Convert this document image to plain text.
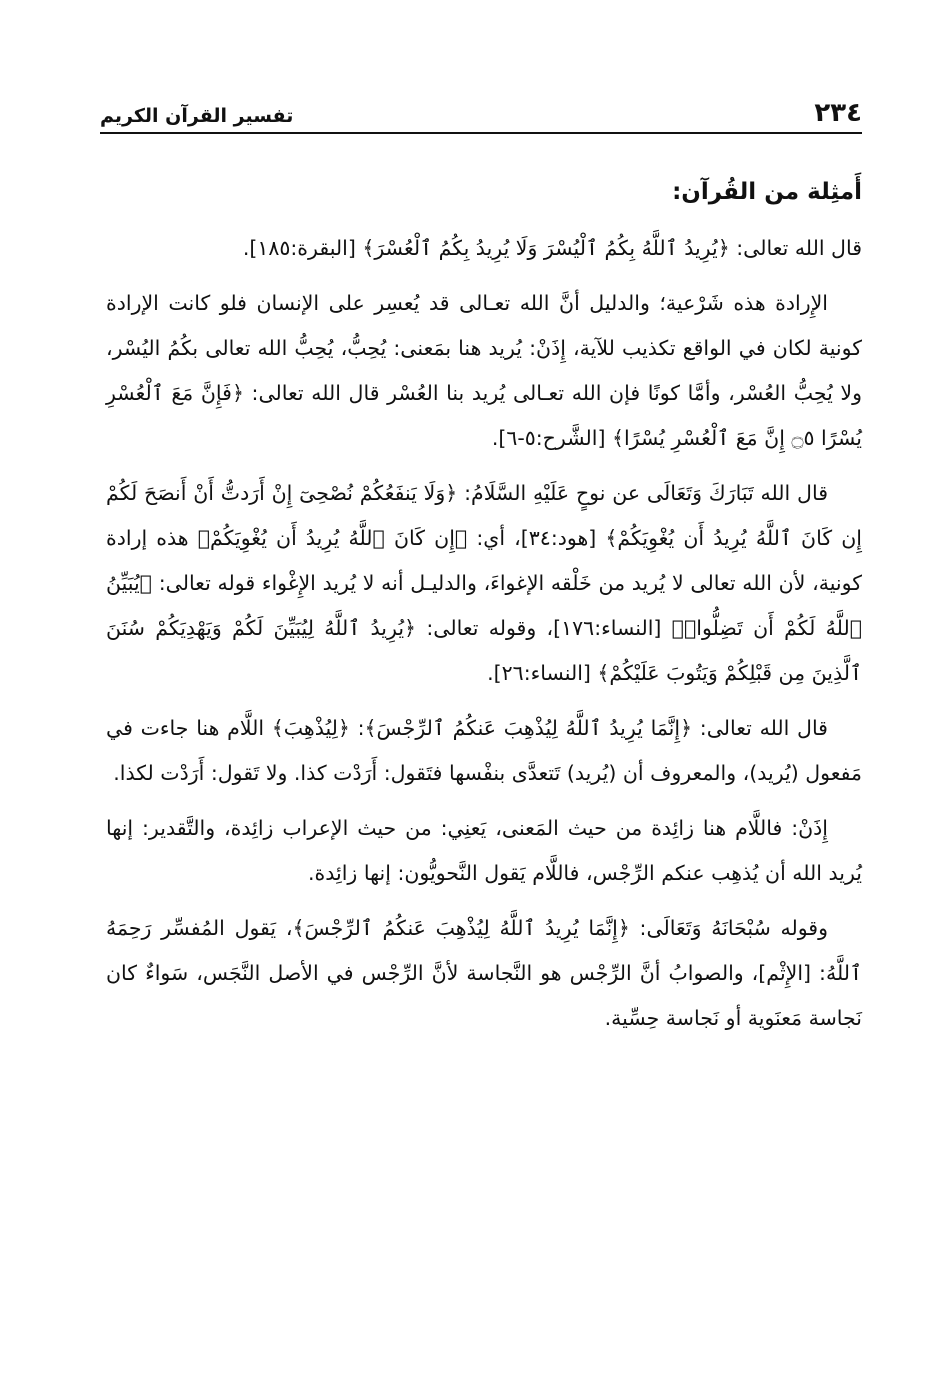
٢٣٤
تفسير القرآن الكريم
أَمثِلة من القُرآن:

قال الله تعالى: ﴿يُرِيدُ ٱللَّهُ بِكُمُ ٱلْيُسْرَ وَلَا يُرِيدُ بِكُمُ ٱلْعُسْرَ﴾ [البقرة:١٨٥].

الإِرادة هذه شَرْعية؛ والدليل أنَّ الله تعـالى قد يُعسِر على الإنسان فلو كانت الإرادة كونية لكان في الواقع تكذيب للآية، إِذَنْ: يُريد هنا بمَعنى: يُحِبُّ، يُحِبُّ الله تعالى بكُمُ اليُسْر، ولا يُحِبُّ العُسْر، وأمَّا كونًا فإن الله تعـالى يُريد بنا العُسْر قال الله تعالى: ﴿فَإِنَّ مَعَ ٱلْعُسْرِ يُسْرًا ۝٥ إِنَّ مَعَ ٱلْعُسْرِ يُسْرًا﴾ [الشَّرح:٥-٦].

قال الله تَبَارَكَ وَتَعَالَى عن نوحٍ عَلَيْهِ السَّلَامُ: ﴿وَلَا يَنفَعُكُمْ نُصْحِىٓ إِنْ أَرَدتُّ أَنْ أَنصَحَ لَكُمْ إِن كَانَ ٱللَّهُ يُرِيدُ أَن يُغْوِيَكُمْ﴾ [هود:٣٤]، أي: ﴿إِن كَانَ ٱللَّهُ يُرِيدُ أَن يُغْوِيَكُمْ﴾ هذه إرادة كونية، لأن الله تعالى لا يُريد من خَلْقه الإغواءَ، والدليـل أنه لا يُريد الإِغْواء قوله تعالى: ﴿يُبَيِّنُ ٱللَّهُ لَكُمْ أَن تَضِلُّوا۟﴾ [النساء:١٧٦]، وقوله تعالى: ﴿يُرِيدُ ٱللَّهُ لِيُبَيِّنَ لَكُمْ وَيَهْدِيَكُمْ سُنَنَ ٱلَّذِينَ مِن قَبْلِكُمْ وَيَتُوبَ عَلَيْكُمْ﴾ [النساء:٢٦].

قال الله تعالى: ﴿إِنَّمَا يُرِيدُ ٱللَّهُ لِيُذْهِبَ عَنكُمُ ٱلرِّجْسَ﴾: ﴿لِيُذْهِبَ﴾ اللَّام هنا جاءت في مَفعول (يُريد)، والمعروف أن (يُريد) تَتعدَّى بنفْسها فتَقول: أَرَدْت كذا. ولا تَقول: أَرَدْت لكذا.

إِذَنْ: فاللَّام هنا زائِدة من حيث المَعنى، يَعنِي: من حيث الإعراب زائِدة، والتَّقدير: إنها يُريد الله أن يُذهِب عنكم الرِّجْس، فاللَّام يَقول النَّحويُّون: إنها زائِدة.

وقوله سُبْحَانَهُ وَتَعَالَى: ﴿إِنَّمَا يُرِيدُ ٱللَّهُ لِيُذْهِبَ عَنكُمُ ٱلرِّجْسَ﴾، يَقول المُفسِّر رَحِمَهُ ٱللَّهُ: [الإِثْم]، والصوابُ أنَّ الرِّجْس هو النَّجاسة لأنَّ الرِّجْس في الأصل النَّجَس، سَواءٌ كان نَجاسة مَعنَوية أو نَجاسة حِسِّية.
